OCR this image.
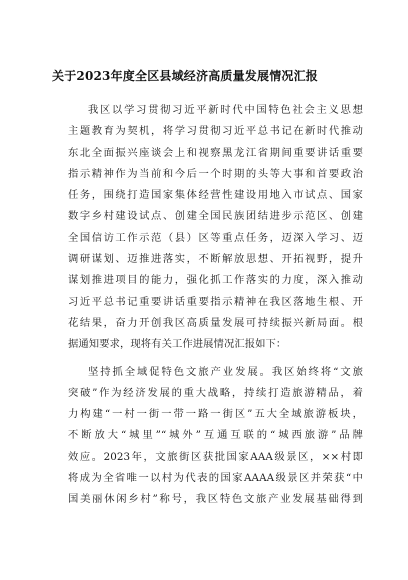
关于2023年度全区县域经济高质量发展情况汇报
我区以学习贯彻习近平新时代中国特色社会主义思想
主题教育为契机，将学习贯彻习近平总书记在新时代推动
东北全面振兴座谈会上和视察黑龙江省期间重要讲话重要
指示精神作为当前和今后一个时期的头等大事和首要政治
任务，围绕打造国家集体经营性建设用地入市试点、国家
数字乡村建设试点、创建全国民族团结进步示范区、创建
全国信访工作示范（县）区等重点任务，迈深入学习、迈
调研谋划、迈推进落实，不断解放思想、开拓视野，提升
谋划推进项目的能力，强化抓工作落实的力度，深入推动
习近平总书记重要讲话重要指示精神在我区落地生根、开
花结果，奋力开创我区高质量发展可持续振兴新局面。根
据通知要求，现将有关工作进展情况汇报如下：
坚持抓全域促特色文旅产业发展。我区始终将“文旅
突破”作为经济发展的重大战略，持续打造旅游精品，着
力构建“一村一街一带一路一街区”五大全域旅游板块，
不断放大“城里”“城外”互通互联的“城西旅游”品牌
效应。2023年，文旅街区获批国家AAA级景区，××村即
将成为全省唯一以村为代表的国家AAAA级景区并荣获“中
国美丽休闲乡村”称号，我区特色文旅产业发展基础得到
